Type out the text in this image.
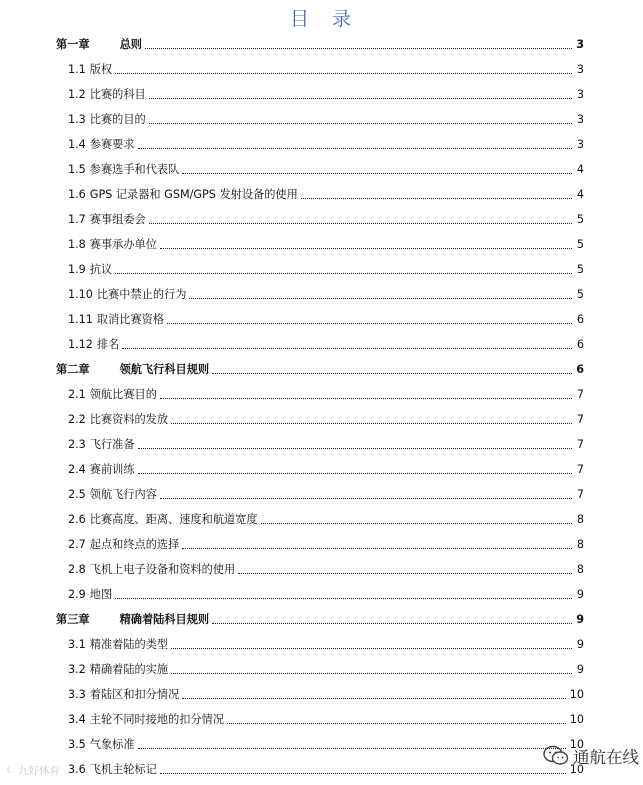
目　录
第一章	总则	3
1.1 版权	3
1.2 比赛的科目	3
1.3 比赛的目的	3
1.4 参赛要求	3
1.5 参赛选手和代表队	4
1.6 GPS 记录器和 GSM/GPS 发射设备的使用	4
1.7 赛事组委会	5
1.8 赛事承办单位	5
1.9 抗议	5
1.10 比赛中禁止的行为	5
1.11 取消比赛资格	6
1.12 排名	6
第二章	领航飞行科目规则	6
2.1 领航比赛目的	7
2.2 比赛资料的发放	7
2.3 飞行准备	7
2.4 赛前训练	7
2.5 领航飞行内容	7
2.6 比赛高度、距离、速度和航道宽度	8
2.7 起点和终点的选择	8
2.8 飞机上电子设备和资料的使用	8
2.9 地图	9
第三章	精确着陆科目规则	9
3.1 精准着陆的类型	9
3.2 精确着陆的实施	9
3.3 着陆区和扣分情况	10
3.4 主轮不同时接地的扣分情况	10
3.5 气象标准	10
3.6 飞机主轮标记	10
☾ 九好体育
通航在线
